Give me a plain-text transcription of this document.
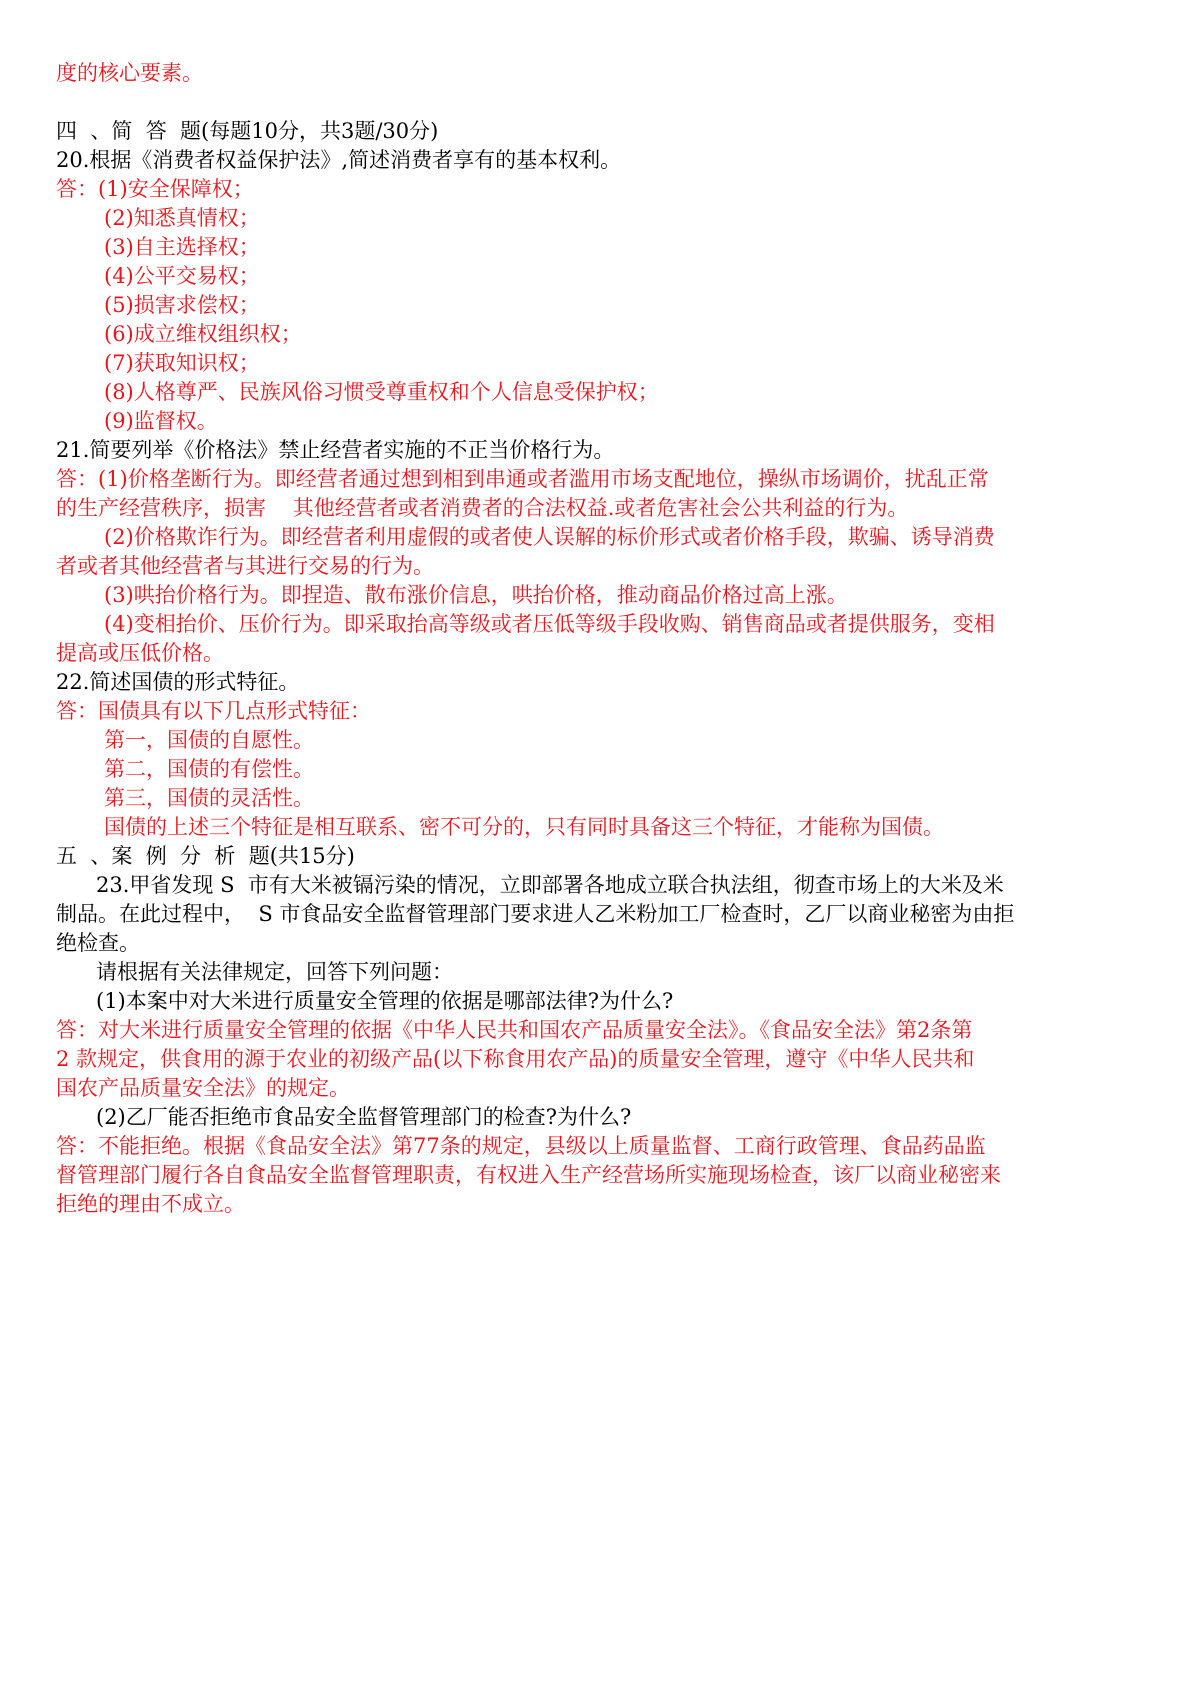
度的核心要素。
四  、简  答  题(每题10分，共3题/30分)
20.根据《消费者权益保护法》,简述消费者享有的基本权利。
答：(1)安全保障权；
(2)知悉真情权；
(3)自主选择权；
(4)公平交易权；
(5)损害求偿权；
(6)成立维权组织权；
(7)获取知识权；
(8)人格尊严、民族风俗习惯受尊重权和个人信息受保护权；
(9)监督权。
21.简要列举《价格法》禁止经营者实施的不正当价格行为。
答：(1)价格垄断行为。即经营者通过想到相到串通或者滥用市场支配地位，操纵市场调价，扰乱正常
的生产经营秩序，损害    其他经营者或者消费者的合法权益.或者危害社会公共利益的行为。
(2)价格欺诈行为。即经营者利用虚假的或者使人误解的标价形式或者价格手段，欺骗、诱导消费
者或者其他经营者与其进行交易的行为。
(3)哄抬价格行为。即捏造、散布涨价信息，哄抬价格，推动商品价格过高上涨。
(4)变相抬价、压价行为。即采取抬高等级或者压低等级手段收购、销售商品或者提供服务，变相
提高或压低价格。
22.简述国债的形式特征。
答：国债具有以下几点形式特征：
第一，国债的自愿性。
第二，国债的有偿性。
第三，国债的灵活性。
国债的上述三个特征是相互联系、密不可分的，只有同时具备这三个特征，才能称为国债。
五  、案  例  分  析  题(共15分)
23.甲省发现 S  市有大米被镉污染的情况，立即部署各地成立联合执法组，彻查市场上的大米及米
制品。在此过程中，  S 市食品安全监督管理部门要求进人乙米粉加工厂检查时，乙厂以商业秘密为由拒
绝检查。
请根据有关法律规定，回答下列问题：
(1)本案中对大米进行质量安全管理的依据是哪部法律?为什么?
答：对大米进行质量安全管理的依据《中华人民共和国农产品质量安全法》。《食品安全法》第2条第
2 款规定，供食用的源于农业的初级产品(以下称食用农产品)的质量安全管理，遵守《中华人民共和
国农产品质量安全法》的规定。
(2)乙厂能否拒绝市食品安全监督管理部门的检查?为什么?
答：不能拒绝。根据《食品安全法》第77条的规定，县级以上质量监督、工商行政管理、食品药品监
督管理部门履行各自食品安全监督管理职责，有权进入生产经营场所实施现场检查，该厂以商业秘密来
拒绝的理由不成立。
